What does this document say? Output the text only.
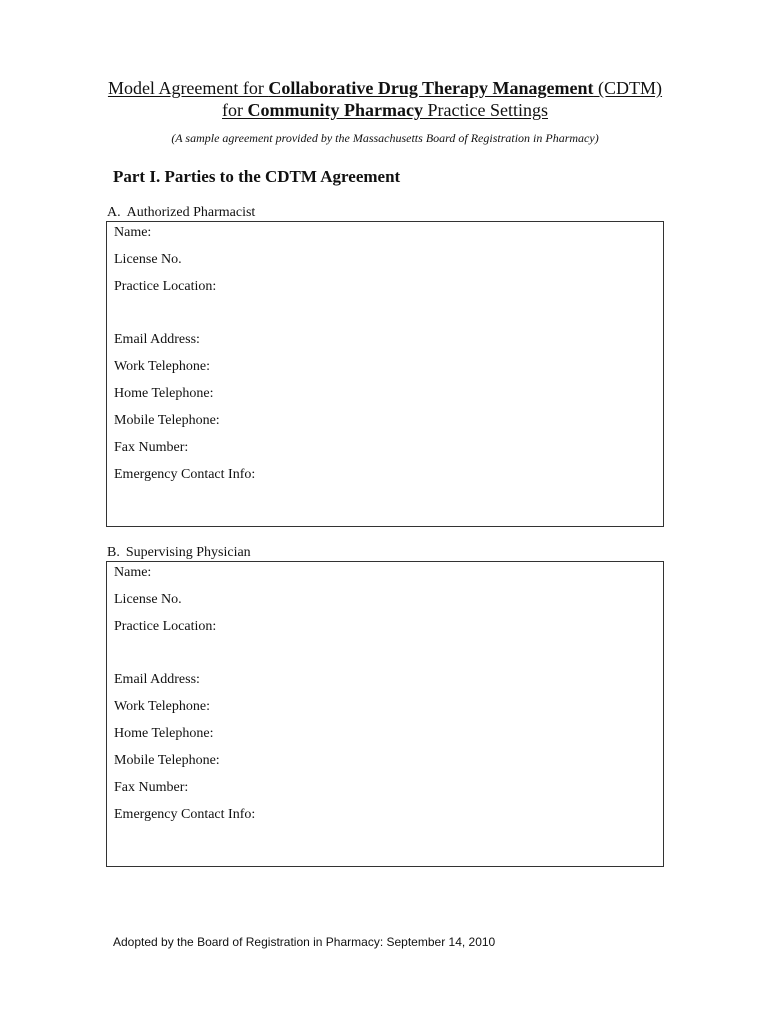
Model Agreement for Collaborative Drug Therapy Management (CDTM)
for Community Pharmacy Practice Settings
(A sample agreement provided by the Massachusetts Board of Registration in Pharmacy)
Part I. Parties to the CDTM Agreement
A. Authorized Pharmacist
Name:
License No.
Practice Location:
Email Address:
Work Telephone:
Home Telephone:
Mobile Telephone:
Fax Number:
Emergency Contact Info:
B. Supervising Physician
Name:
License No.
Practice Location:
Email Address:
Work Telephone:
Home Telephone:
Mobile Telephone:
Fax Number:
Emergency Contact Info:
Adopted by the Board of Registration in Pharmacy: September 14, 2010
